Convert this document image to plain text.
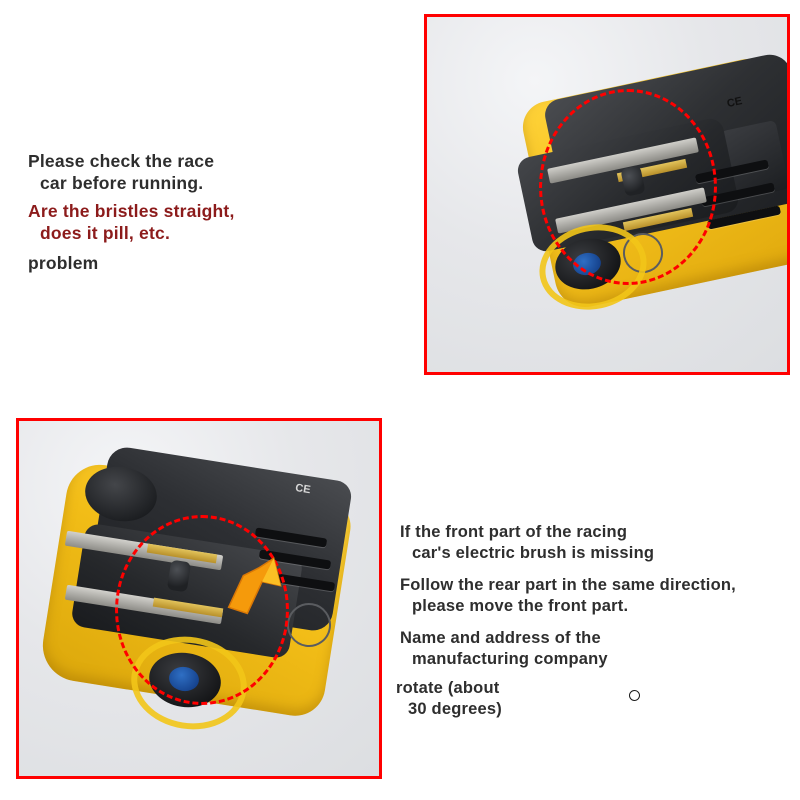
Please check the race
car before running.
Are the bristles straight,
does it pill, etc.
problem
If the front part of the racing
car's electric brush is missing
Follow the rear part in the same direction,
please move the front part.
Name and address of the
manufacturing company
rotate (about
30 degrees)
CE
CE
